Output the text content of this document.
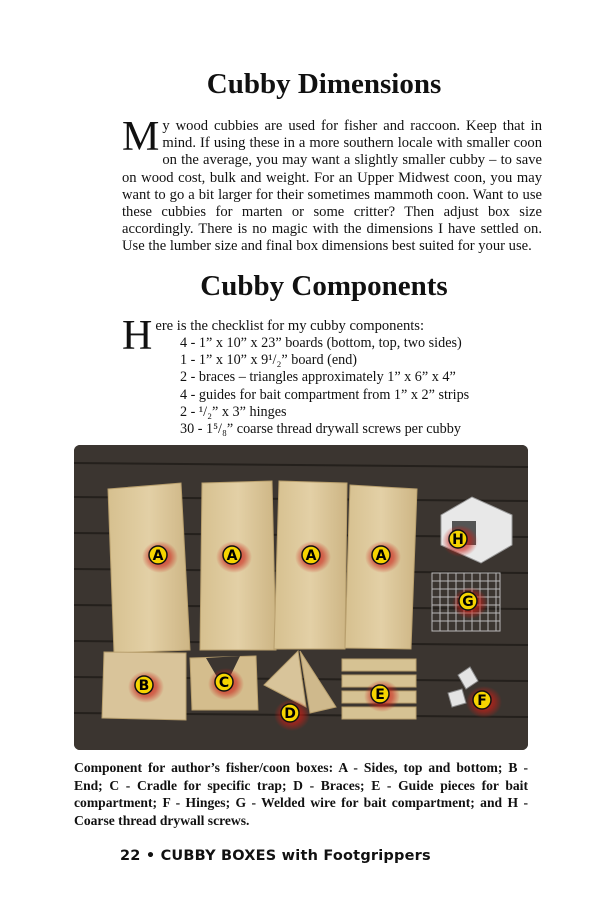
Cubby Dimensions
My wood cubbies are used for fisher and raccoon. Keep that in mind. If using these in a more southern locale with smaller coon on the average, you may want a slightly smaller cubby – to save on wood cost, bulk and weight. For an Upper Midwest coon, you may want to go a bit larger for their sometimes mammoth coon. Want to use these cubbies for marten or some critter? Then adjust box size accordingly. There is no magic with the dimensions I have settled on. Use the lumber size and final box dimensions best suited for your use.
Cubby Components
Here is the checklist for my cubby components:
4 - 1” x 10” x 23” boards (bottom, top, two sides)
1 - 1” x 10” x 9¹/₂” board (end)
2 - braces – triangles approximately 1” x 6” x 4”
4 - guides for bait compartment from 1” x 2” strips
2 - ¹/₂” x 3” hinges
30 - 1⁵/₈” coarse thread drywall screws per cubby
A	A	A	A
H
G
B	C
D
E	F
Component for author’s fisher/coon boxes: A - Sides, top and bottom; B - End; C - Cradle for specific trap; D - Braces; E - Guide pieces for bait compartment; F - Hinges; G - Welded wire for bait compartment; and H - Coarse thread drywall screws.
22 • CUBBY BOXES with Footgrippers
